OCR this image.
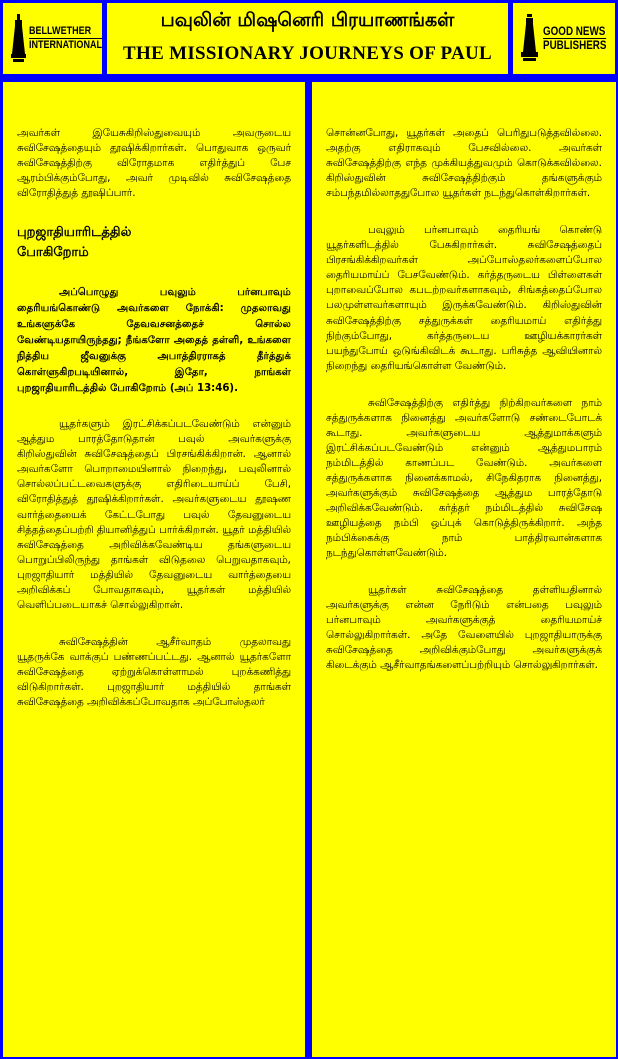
BELLWETHER
INTERNATIONAL
பவுலின் மிஷனெரி பிரயாணங்கள்
THE MISSIONARY JOURNEYS OF PAUL
GOOD NEWS
PUBLISHERS

அவர்கள் இயேசுகிறிஸ்துவையும் அவருடைய சுவிசேஷத்தையும் தூஷிக்கிறார்கள். பொதுவாக ஒருவர் சுவிசேஷத்திற்கு விரோதமாக எதிர்த்துப் பேச ஆரம்பிக்கும்போது, அவர் முடிவில் சுவிசேஷத்தை விரோதித்துத் தூஷிப்பார்.

புறஜாதியாரிடத்தில் போகிறோம்

அப்பொழுது பவுலும் பர்னபாவும் தைரியங்கொண்டு அவர்களை நோக்கி: முதலாவது உங்களுக்கே தேவவசனத்தைச் சொல்ல வேண்டியதாயிருந்தது; நீங்களோ அதைத் தள்ளி, உங்களை நித்திய ஜீவனுக்கு அபாத்திரராகத் தீர்த்துக் கொள்ளுகிறபடியினால், இதோ, நாங்கள் புறஜாதியாரிடத்தில் போகிறோம் (அப் 13:46).

யூதர்களும் இரட்சிக்கப்படவேண்டும் என்னும் ஆத்தும பாரத்தோடுதான் பவுல் அவர்களுக்கு கிறிஸ்துவின் சுவிசேஷத்தைப் பிரசங்கிக்கிறான். ஆனால் அவர்களோ பொறாமையினால் நிறைந்து, பவுலினால் சொல்லப்பட்டவைகளுக்கு எதிரிடையாய்ப் பேசி, விரோதித்துத் தூஷிக்கிறார்கள். அவர்களுடைய தூஷண வார்த்தையைக் கேட்டபோது பவுல் தேவனுடைய சித்தத்தைப்பற்றி தியானித்துப் பார்க்கிறான். யூதர் மத்தியில் சுவிசேஷத்தை அறிவிக்கவேண்டிய தங்களுடைய பொறுப்பிலிருந்து தாங்கள் விடுதலை பெறுவதாகவும், புறஜாதியார் மத்தியில் தேவனுடைய வார்த்தையை அறிவிக்கப் போவதாகவும், யூதர்கள் மத்தியில் வெளிப்படையாகச் சொல்லுகிறான்.

சுவிசேஷத்தின் ஆசீர்வாதம் முதலாவது யூதருக்கே வாக்குப் பண்ணப்பட்டது. ஆனால் யூதர்களோ சுவிசேஷத்தை ஏற்றுக்கொள்ளாமல் புறக்கணித்து விடுகிறார்கள். புறஜாதியார் மத்தியில் தாங்கள் சுவிசேஷத்தை அறிவிக்கப்போவதாக அப்போஸ்தலர்

சொன்னபோது, யூதர்கள் அதைப் பெரிதுபடுத்தவில்லை. அதற்கு எதிராகவும் பேசவில்லை. அவர்கள் சுவிசேஷத்திற்கு எந்த முக்கியத்துவமும் கொடுக்கவில்லை. கிறிஸ்துவின் சுவிசேஷத்திற்கும் தங்களுக்கும் சம்பந்தமில்லாததுபோல யூதர்கள் நடந்துகொள்கிறார்கள்.

பவுலும் பர்னபாவும் தைரியங் கொண்டு யூதர்களிடத்தில் பேசுகிறார்கள். சுவிசேஷத்தைப் பிரசங்கிக்கிறவர்கள் அப்போஸ்தலர்களைப்போல தைரியமாய்ப் பேசவேண்டும். கர்த்தருடைய பிள்ளைகள் புறாவைப்போல கபடற்றவர்களாகவும், சிங்கத்தைப்போல பலமுள்ளவர்களாயும் இருக்கவேண்டும். கிறிஸ்துவின் சுவிசேஷத்திற்கு சத்துருக்கள் தைரியமாய் எதிர்த்து நிற்கும்போது, கர்த்தருடைய ஊழியக்காரர்கள் பயந்துபோய் ஒடுங்கிவிடக் கூடாது. பரிசுத்த ஆவியினால் நிறைந்து தைரியங்கொள்ள வேண்டும்.

சுவிசேஷத்திற்கு எதிர்த்து நிற்கிறவர்களை நாம் சத்துருக்களாக நினைத்து அவர்களோடு சண்டைபோடக் கூடாது. அவர்களுடைய ஆத்துமாக்களும் இரட்சிக்கப்படவேண்டும் என்னும் ஆத்துமபாரம் நம்மிடத்தில் காணப்பட வேண்டும். அவர்களை சத்துருக்களாக நினைக்காமல், சிநேகிதராக நினைத்து, அவர்களுக்கும் சுவிசேஷத்தை ஆத்தும பாரத்தோடு அறிவிக்கவேண்டும். கர்த்தர் நம்மிடத்தில் சுவிசேஷ ஊழியத்தை நம்பி ஒப்புக் கொடுத்திருக்கிறார். அந்த நம்பிக்கைக்கு நாம் பாத்திரவான்களாக நடந்துகொள்ளவேண்டும்.

யூதர்கள் சுவிசேஷத்தை தள்ளியதினால் அவர்களுக்கு என்ன நேரிடும் என்பதை பவுலும் பர்னபாவும் அவர்களுக்குத் தைரியமாய்ச் சொல்லுகிறார்கள். அதே வேளையில் புறஜாதியாருக்கு சுவிசேஷத்தை அறிவிக்கும்போது அவர்களுக்குக் கிடைக்கும் ஆசீர்வாதங்களைப்பற்றியும் சொல்லுகிறார்கள்.
